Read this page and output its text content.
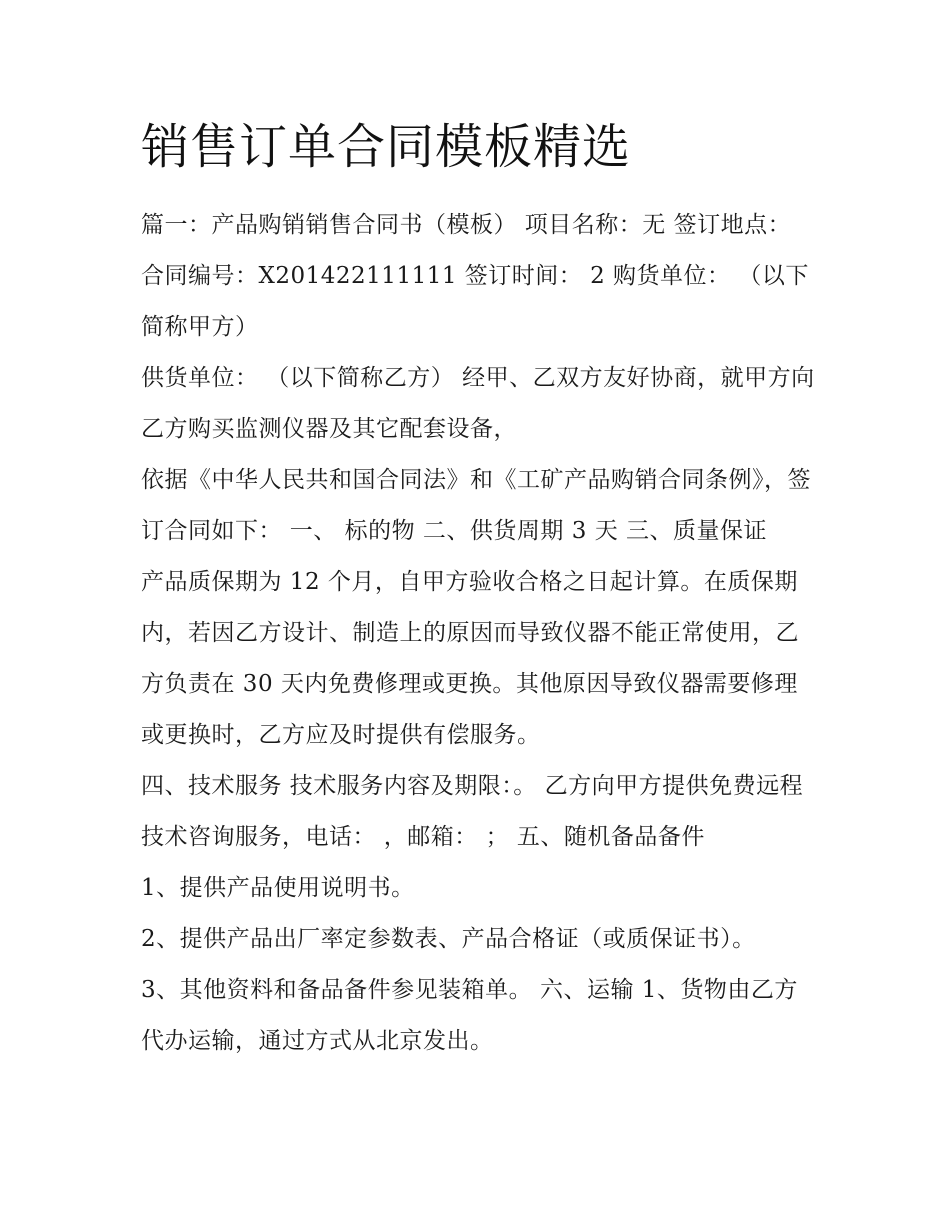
销售订单合同模板精选

篇一：产品购销销售合同书（模板） 项目名称：无 签订地点： 合同编号：X201422111111 签订时间： 2 购货单位： （以下简称甲方）

供货单位： （以下简称乙方） 经甲、乙双方友好协商，就甲方向乙方购买监测仪器及其它配套设备，

依据《中华人民共和国合同法》和《工矿产品购销合同条例》，签订合同如下： 一、 标的物 二、供货周期 3 天 三、质量保证

产品质保期为 12 个月，自甲方验收合格之日起计算。在质保期内，若因乙方设计、制造上的原因而导致仪器不能正常使用，乙方负责在 30 天内免费修理或更换。其他原因导致仪器需要修理或更换时，乙方应及时提供有偿服务。

四、技术服务 技术服务内容及期限：。 乙方向甲方提供免费远程技术咨询服务，电话： ，邮箱： ； 五、随机备品备件

1、提供产品使用说明书。

2、提供产品出厂率定参数表、产品合格证（或质保证书）。

3、其他资料和备品备件参见装箱单。 六、运输 1、货物由乙方代办运输，通过方式从北京发出。
